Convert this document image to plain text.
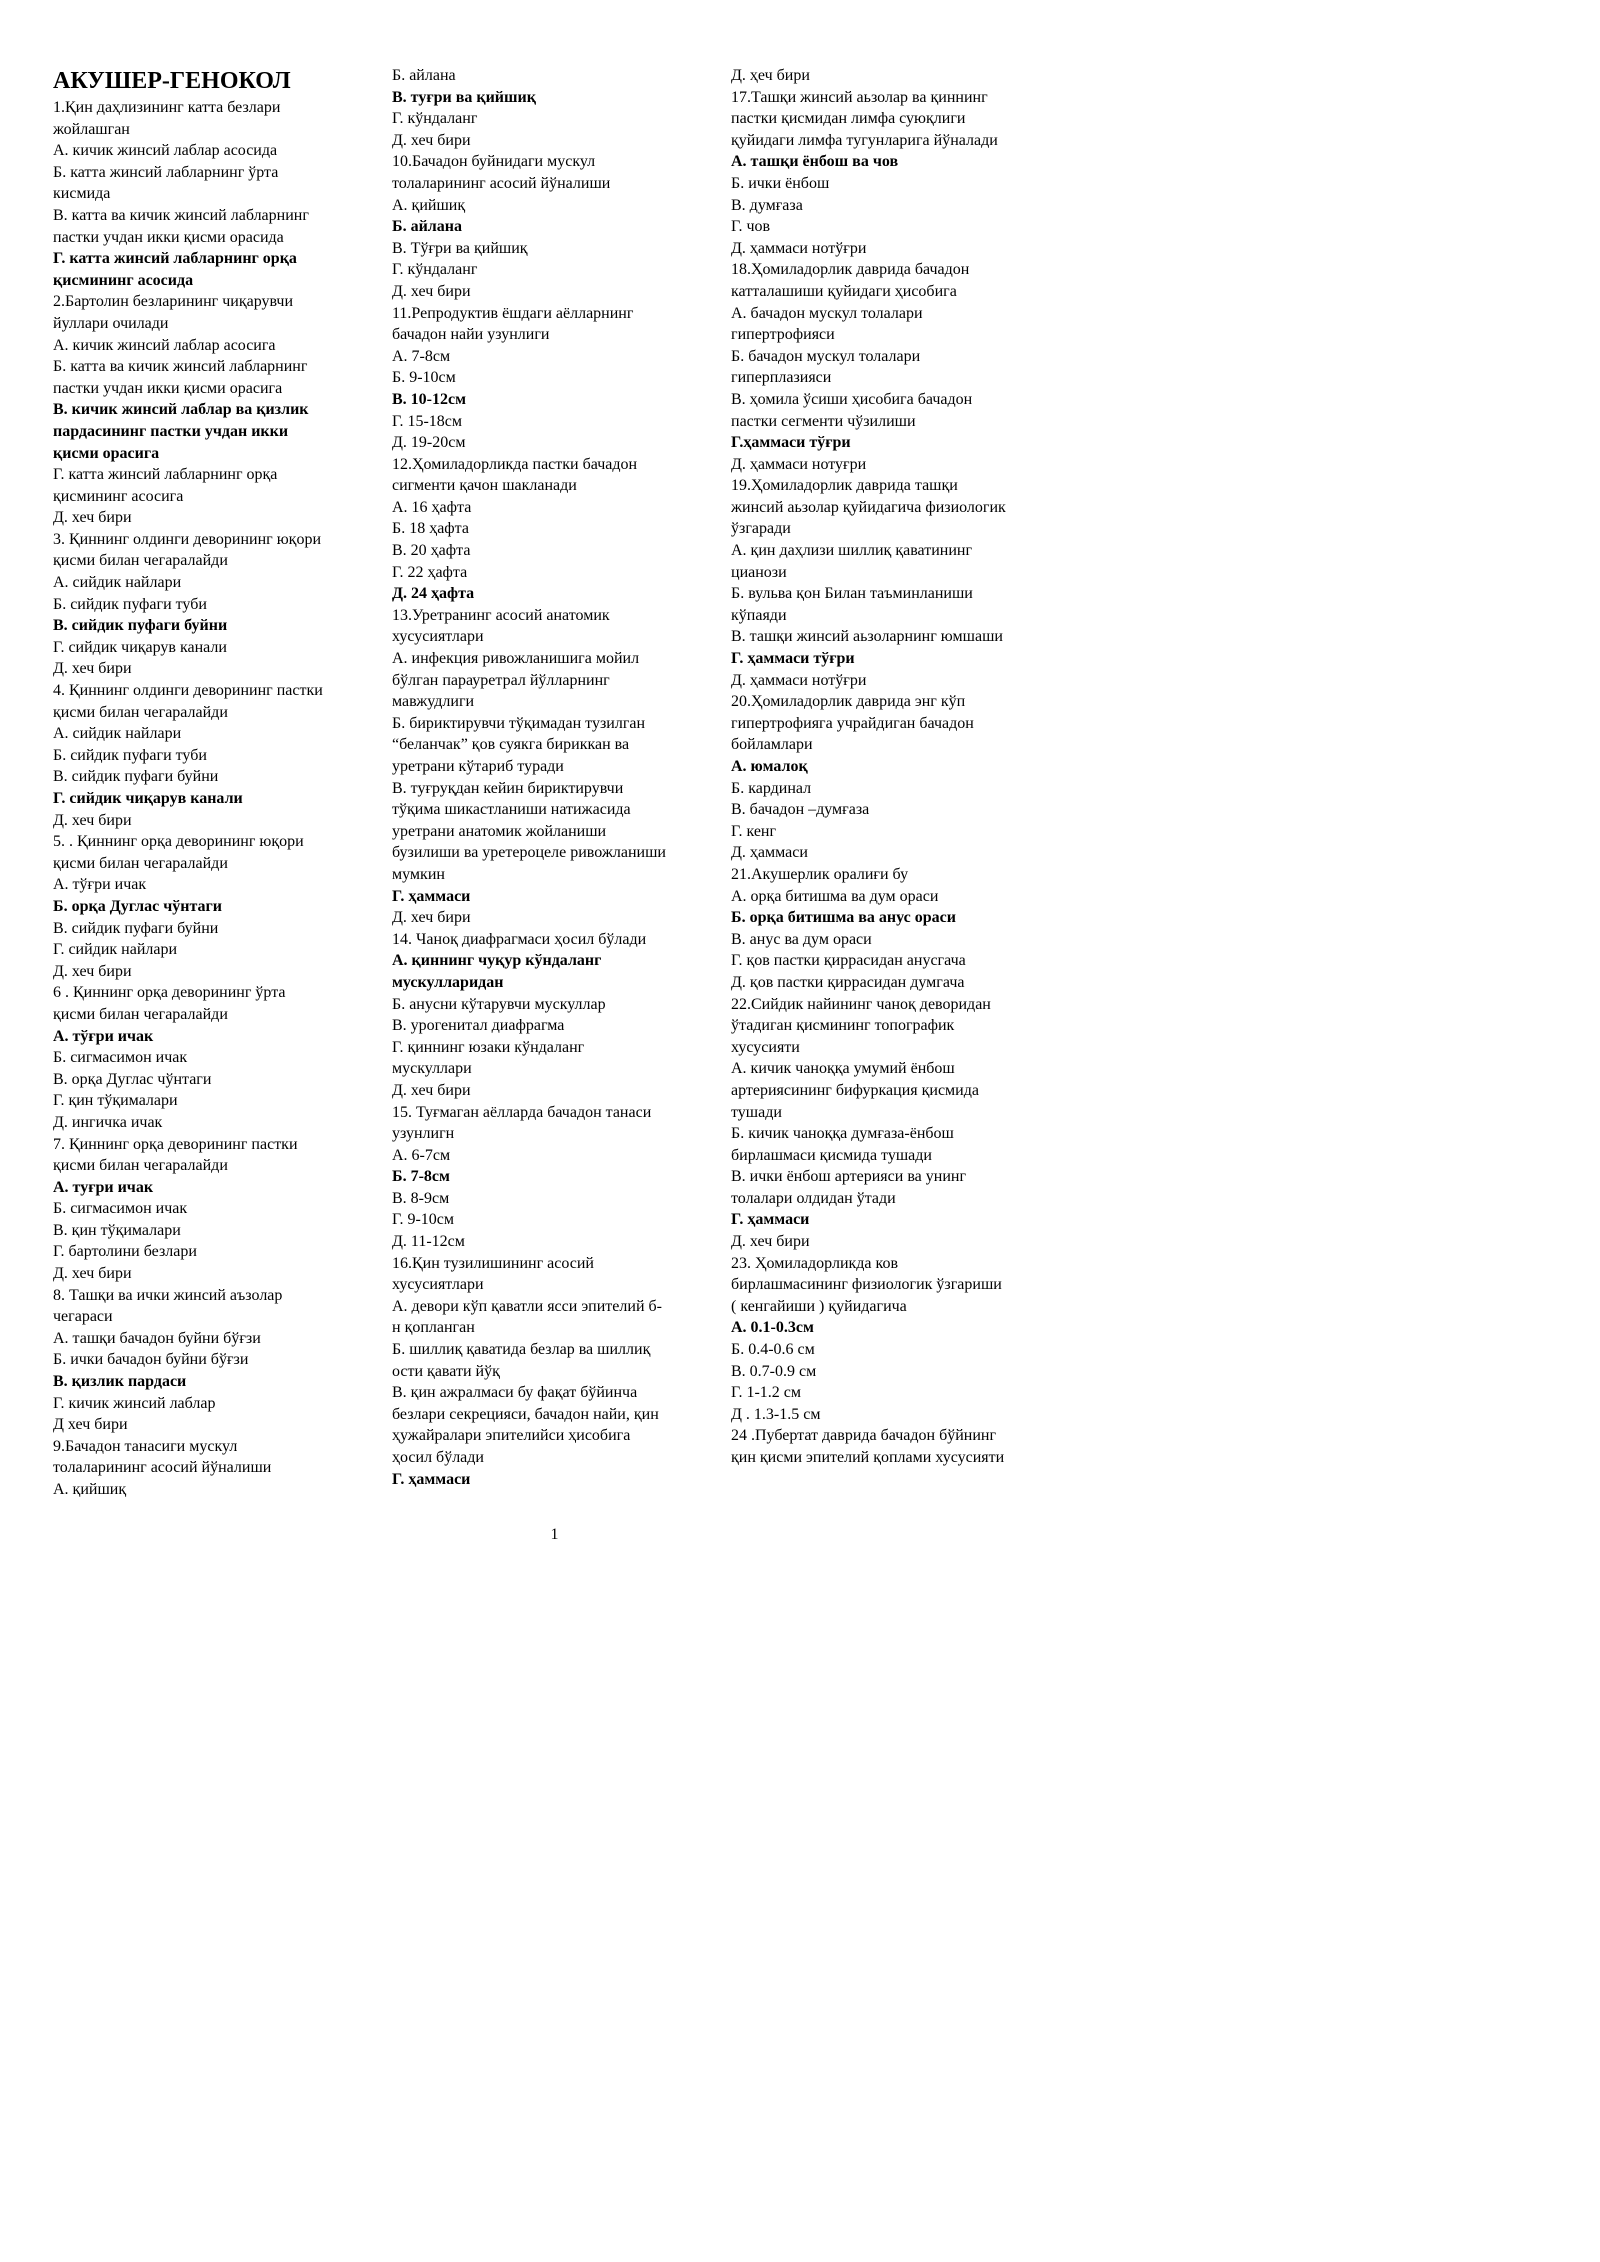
АКУШЕР-ГЕНОКОЛ
1.Қин даҳлизининг катта безлари
жойлашган
А. кичик жинсий лаблар асосида
Б. катта жинсий лабларнинг ўрта
кисмида
В. катта ва кичик жинсий лабларнинг
пастки учдан икки қисми орасида
Г. катта жинсий лабларнинг орқа
қисмининг асосида
2.Бартолин безларининг чиқарувчи
йуллари очилади
А. кичик жинсий лаблар асосига
Б. катта ва кичик жинсий лабларнинг
пастки учдан икки қисми орасига
В. кичик жинсий лаблар ва қизлик
пардасининг пастки учдан икки
қисми орасига
Г. катта жинсий лабларнинг орқа
қисмининг асосига
Д. хеч бири
3. Қиннинг олдинги деворининг юқори
қисми билан чегаралайди
А. сийдик найлари
Б. сийдик пуфаги туби
В. сийдик пуфаги буйни
Г. сийдик чиқарув канали
Д. хеч бири
4. Қиннинг олдинги деворининг пастки
қисми билан чегаралайди
А. сийдик найлари
Б. сийдик пуфаги туби
В. сийдик пуфаги буйни
Г. сийдик чиқарув канали
Д. хеч бири
5. . Қиннинг орқа деворининг юқори
қисми билан чегаралайди
А. тўғри ичак
Б. орқа Дуглас чўнтаги
В. сийдик пуфаги буйни
Г. сийдик найлари
Д. хеч бири
6 . Қиннинг орқа деворининг ўрта
қисми билан чегаралайди
А. тўғри ичак
Б. сигмасимон ичак
В. орқа Дуглас чўнтаги
Г. қин тўқималари
Д. ингичка ичак
7. Қиннинг орқа деворининг пастки
қисми билан чегаралайди
А. туғри ичак
Б. сигмасимон ичак
В. қин тўқималари
Г. бартолини безлари
Д. хеч бири
8. Ташқи ва ички жинсий аъзолар
чегараси
А. ташқи бачадон буйни бўғзи
Б. ички бачадон буйни бўғзи
В. қизлик пардаси
Г. кичик жинсий лаблар
Д хеч бири
9.Бачадон танасиги мускул
толаларининг асосий йўналиши
А. қийшиқ
Б. айлана
В. туғри ва қийшиқ
Г. кўндаланг
Д. хеч бири
10.Бачадон буйнидаги мускул
толаларининг асосий йўналиши
А. қийшиқ
Б. айлана
В. Тўғри ва қийшиқ
Г. кўндаланг
Д. хеч бири
11.Репродуктив ёшдаги аёлларнинг
бачадон найи узунлиги
А. 7-8см
Б. 9-10см
В. 10-12см
Г. 15-18см
Д. 19-20см
12.Ҳомиладорликда пастки бачадон
сигменти қачон шакланади
А. 16 ҳафта
Б. 18 ҳафта
В. 20 ҳафта
Г. 22 ҳафта
Д. 24 ҳафта
13.Уретранинг асосий анатомик
хусусиятлари
А. инфекция ривожланишига мойил
бўлган парауретрал йўлларнинг
мавжудлиги
Б. бириктирувчи тўқимадан тузилган
“беланчак” қов суякга бириккан ва
уретрани кўтариб туради
В. туғруқдан кейин бириктирувчи
тўқима шикастланиши натижасида
уретрани анатомик жойланиши
бузилиши ва уретероцеле ривожланиши
мумкин
Г. ҳаммаси
Д. хеч бири
14. Чаноқ диафрагмаси ҳосил бўлади
А. қиннинг чуқур кўндаланг
мускулларидан
Б. анусни кўтарувчи мускуллар
В. урогенитал диафрагма
Г. қиннинг юзаки кўндаланг
мускуллари
Д. хеч бири
15. Туғмаган аёлларда бачадон танаси
узунлигн
А. 6-7см
Б. 7-8см
В. 8-9см
Г. 9-10см
Д. 11-12см
16.Қин тузилишининг асосий
хусусиятлари
А. девори кўп қаватли ясси эпителий б-
н қопланган
Б. шиллиқ қаватида безлар ва шиллиқ
ости қавати йўқ
В. қин ажралмаси бу фақат бўйинча
безлари секрецияси, бачадон найи, қин
ҳужайралари эпителийси ҳисобига
ҳосил бўлади
Г. ҳаммаси
Д. ҳеч бири
17.Ташқи жинсий аьзолар ва қиннинг
пастки қисмидан лимфа суюқлиги
қуйидаги лимфа тугунларига йўналади
А. ташқи ёнбош ва чов
Б. ички ёнбош
В. думғаза
Г. чов
Д. ҳаммаси нотўғри
18.Ҳомиладорлик даврида бачадон
катталашиши қуйидаги ҳисобига
А. бачадон мускул толалари
гипертрофияси
Б. бачадон мускул толалари
гиперплазияси
В. ҳомила ўсиши ҳисобига бачадон
пастки сегменти чўзилиши
Г.ҳаммаси тўғри
Д. ҳаммаси нотуғри
19.Ҳомиладорлик даврида ташқи
жинсий аьзолар қуйидагича физиологик
ўзгаради
А. қин даҳлизи шиллиқ қаватининг
цианози
Б. вульва қон Билан таъминланиши
кўпаяди
В. ташқи жинсий аьзоларнинг юмшаши
Г. ҳаммаси тўғри
Д. ҳаммаси нотўғри
20.Ҳомиладорлик даврида энг кўп
гипертрофияга учрайдиган бачадон
бойламлари
А. юмалоқ
Б. кардинал
В. бачадон –думғаза
Г. кенг
Д. ҳаммаси
21.Акушерлик оралиғи бу
А. орқа битишма ва дум ораси
Б. орқа битишма ва анус ораси
В. анус ва дум ораси
Г. қов пастки қиррасидан анусгача
Д. қов пастки қиррасидан думгача
22.Сийдик найининг чаноқ деворидан
ўтадиган қисмининг топографик
хусусияти
А. кичик чаноққа умумий ёнбош
артериясининг бифуркация қисмида
тушади
Б. кичик чаноққа думғаза-ёнбош
бирлашмаси қисмида тушади
В. ички ёнбош артерияси ва унинг
толалари олдидан ўтади
Г. ҳаммаси
Д. хеч бири
23. Ҳомиладорликда ков
бирлашмасининг физиологик ўзгариши
( кенгайиши ) қуйидагича
А. 0.1-0.3см
Б. 0.4-0.6 см
В. 0.7-0.9 см
Г. 1-1.2 см
Д . 1.3-1.5 см
24 .Пубертат даврида бачадон бўйнинг
қин қисми эпителий қоплами хусусияти
1
